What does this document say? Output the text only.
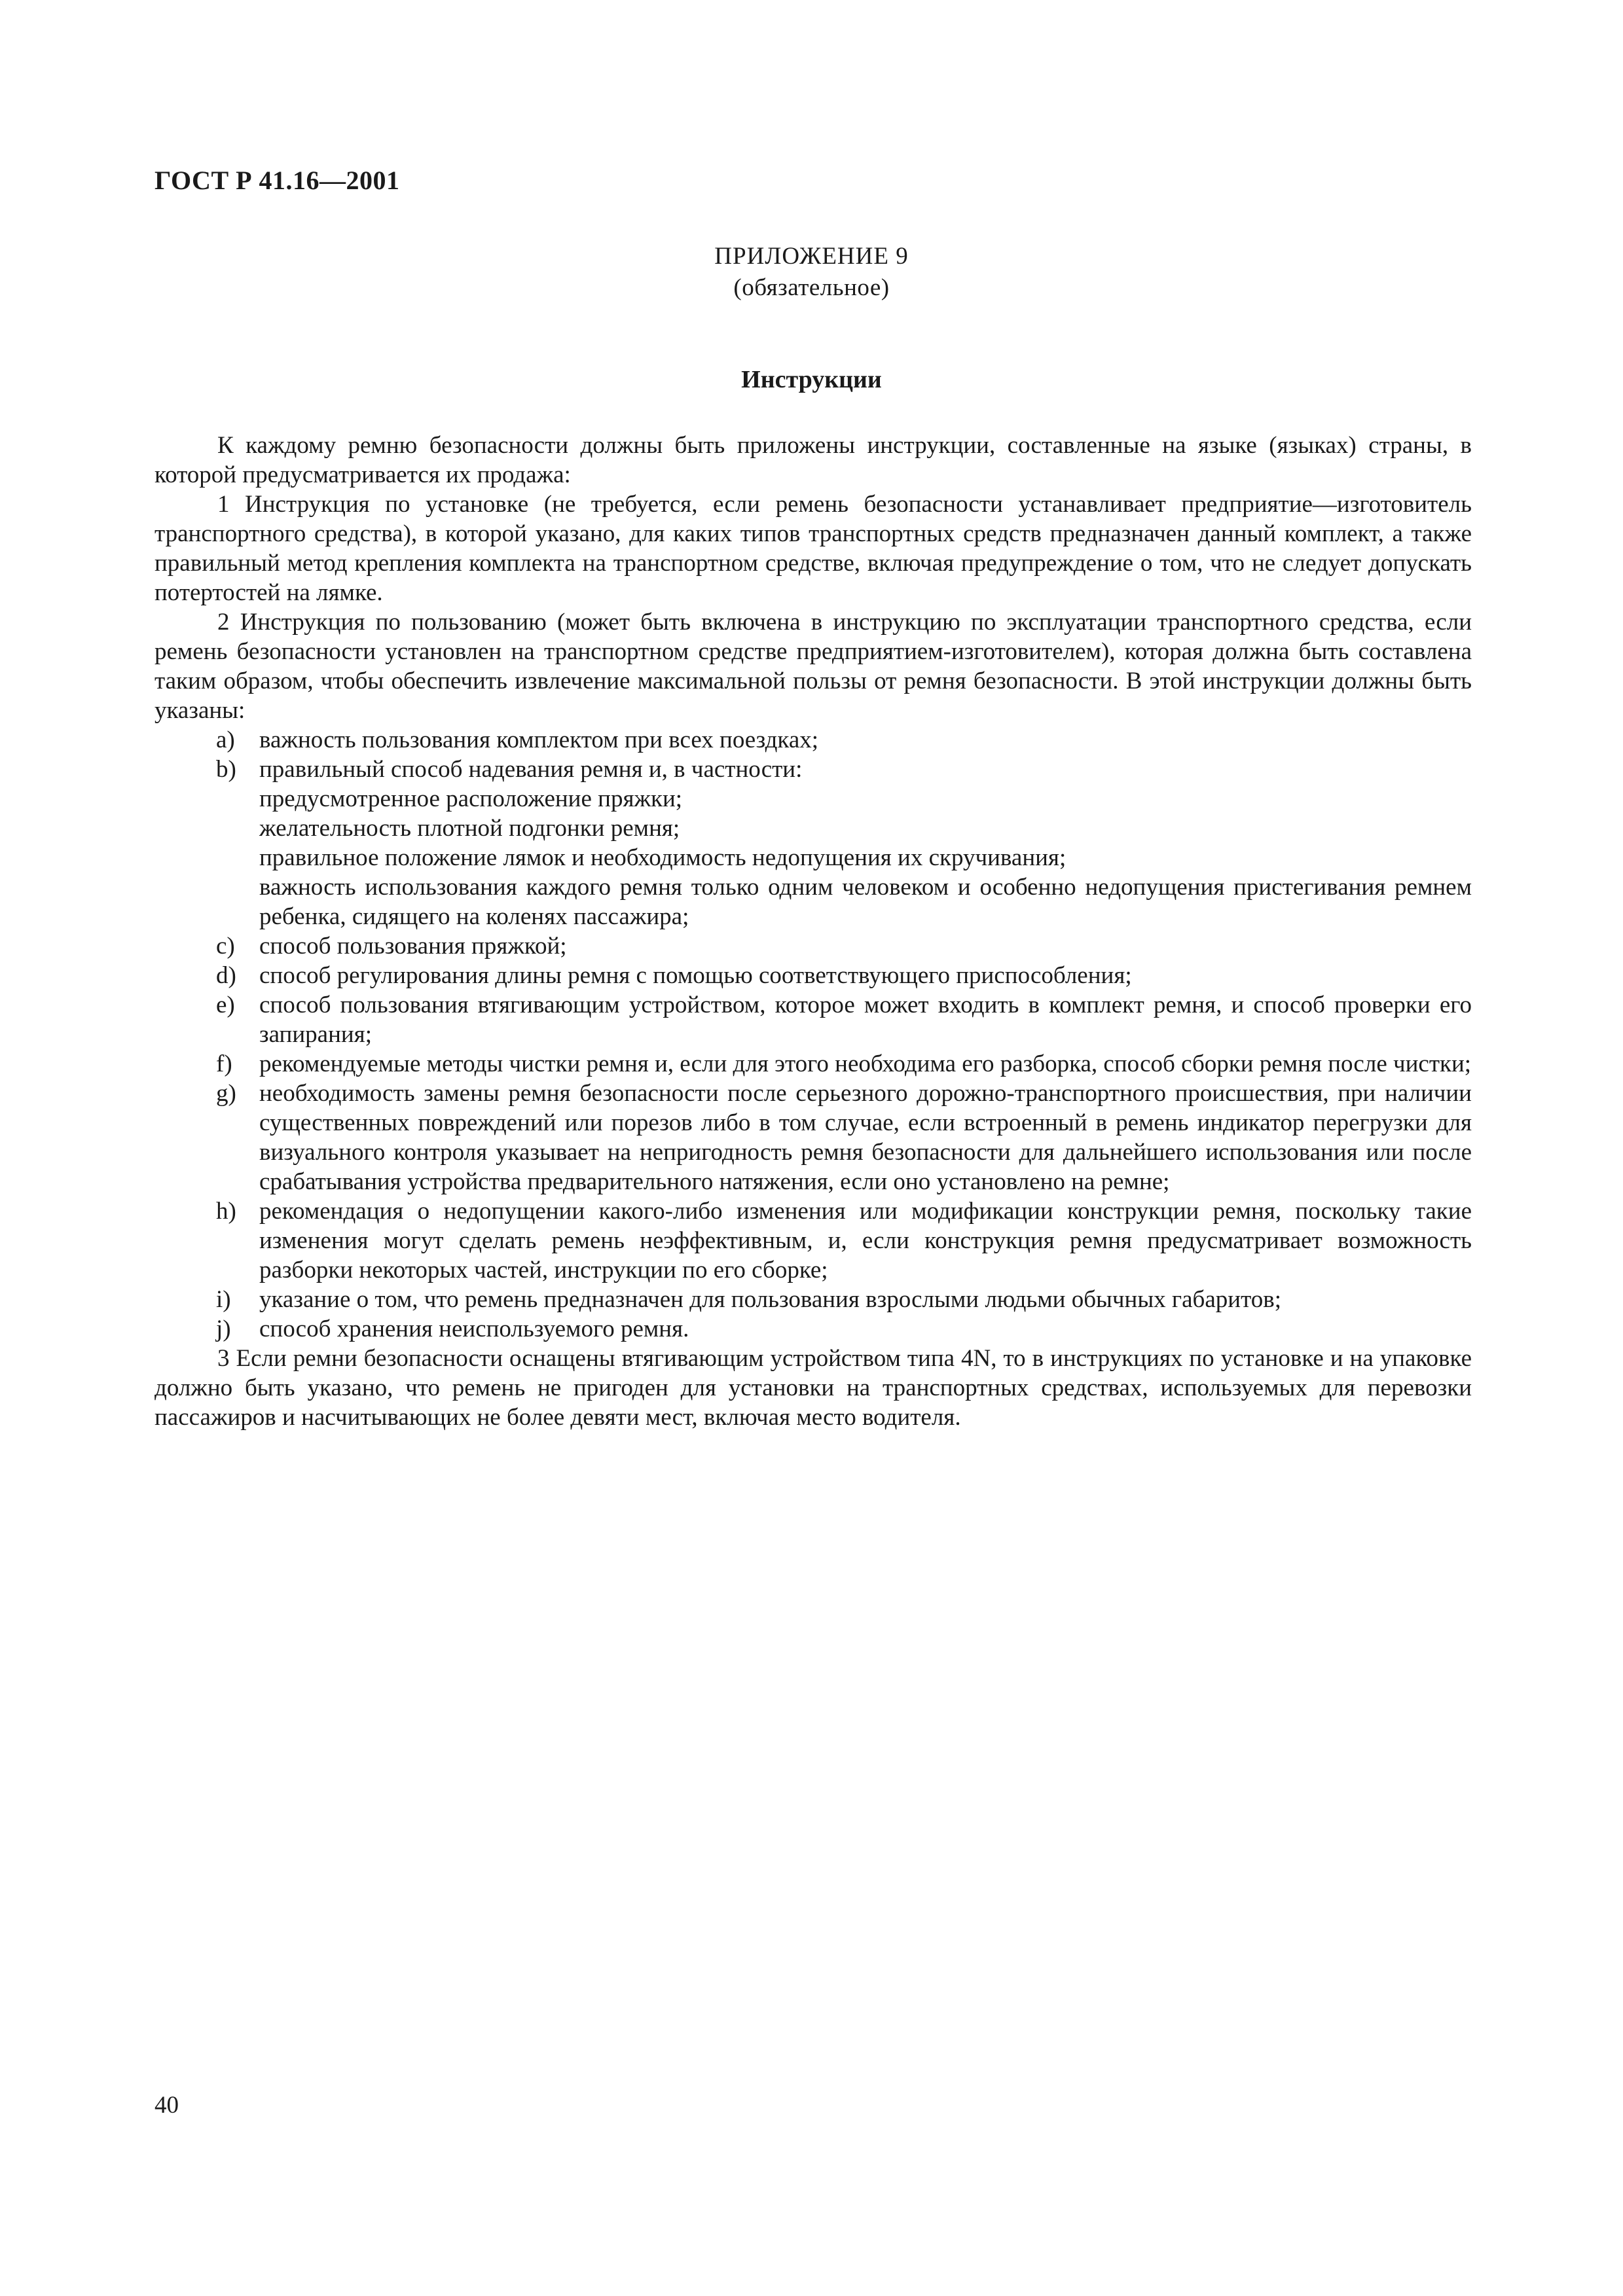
ГОСТ Р 41.16—2001
ПРИЛОЖЕНИЕ 9
(обязательное)
Инструкции

К каждому ремню безопасности должны быть приложены инструкции, составленные на языке (языках) страны, в которой предусматривается их продажа:

1 Инструкция по установке (не требуется, если ремень безопасности устанавливает предприятие—изготовитель транспортного средства), в которой указано, для каких типов транспортных средств предназначен данный комплект, а также правильный метод крепления комплекта на транспортном средстве, включая предупреждение о том, что не следует допускать потертостей на лямке.

2 Инструкция по пользованию (может быть включена в инструкцию по эксплуатации транспортного средства, если ремень безопасности установлен на транспортном средстве предприятием-изготовителем), которая должна быть составлена таким образом, чтобы обеспечить извлечение максимальной пользы от ремня безопасности. В этой инструкции должны быть указаны:

a) важность пользования комплектом при всех поездках;
b) правильный способ надевания ремня и, в частности:
предусмотренное расположение пряжки;
желательность плотной подгонки ремня;
правильное положение лямок и необходимость недопущения их скручивания;
важность использования каждого ремня только одним человеком и особенно недопущения пристегивания ремнем ребенка, сидящего на коленях пассажира;
c) способ пользования пряжкой;
d) способ регулирования длины ремня с помощью соответствующего приспособления;
e) способ пользования втягивающим устройством, которое может входить в комплект ремня, и способ проверки его запирания;
f) рекомендуемые методы чистки ремня и, если для этого необходима его разборка, способ сборки ремня после чистки;
g) необходимость замены ремня безопасности после серьезного дорожно-транспортного происшествия, при наличии существенных повреждений или порезов либо в том случае, если встроенный в ремень индикатор перегрузки для визуального контроля указывает на непригодность ремня безопасности для дальнейшего использования или после срабатывания устройства предварительного натяжения, если оно установлено на ремне;
h) рекомендация о недопущении какого-либо изменения или модификации конструкции ремня, поскольку такие изменения могут сделать ремень неэффективным, и, если конструкция ремня предусматривает возможность разборки некоторых частей, инструкции по его сборке;
i) указание о том, что ремень предназначен для пользования взрослыми людьми обычных габаритов;
j) способ хранения неиспользуемого ремня.

3 Если ремни безопасности оснащены втягивающим устройством типа 4N, то в инструкциях по установке и на упаковке должно быть указано, что ремень не пригоден для установки на транспортных средствах, используемых для перевозки пассажиров и насчитывающих не более девяти мест, включая место водителя.

40
